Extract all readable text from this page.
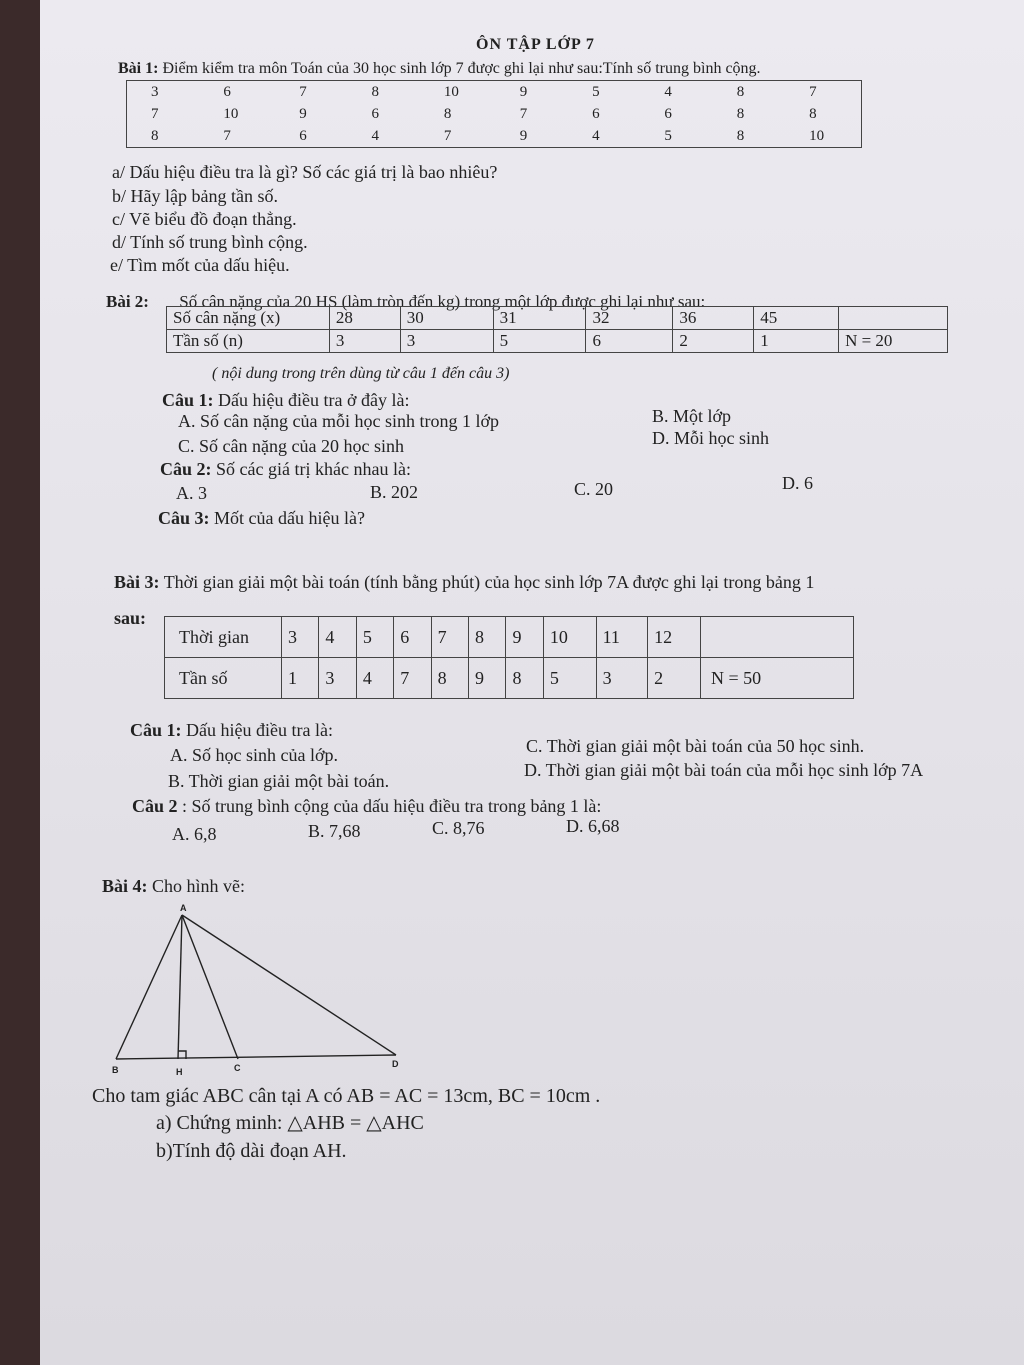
ÔN TẬP LỚP 7
Bài 1: Điểm kiểm tra môn Toán của 30 học sinh lớp 7 được ghi lại như sau:Tính số trung bình cộng.
3	6	7	8	10	9	5	4	8	7
7	10	9	6	8	7	6	6	8	8
8	7	6	4	7	9	4	5	8	10
a/ Dấu hiệu điều tra là gì? Số các giá trị là bao nhiêu?
b/ Hãy lập bảng tần số.
c/ Vẽ biểu đồ đoạn thẳng.
d/ Tính số trung bình cộng.
e/ Tìm mốt của dấu hiệu.
Bài 2: Số cân nặng của 20 HS (làm tròn đến kg) trong một lớp được ghi lại như sau:
Số cân nặng (x)	28	30	31	32	36	45	
Tần số (n)	3	3	5	6	2	1	N = 20
( nội dung trong trên dùng từ câu 1 đến câu 3)
Câu 1: Dấu hiệu điều tra ở đây là:
A. Số cân nặng của mỗi học sinh trong 1 lớp	B. Một lớp
C. Số cân nặng của 20 học sinh	D. Mỗi học sinh
Câu 2: Số các giá trị khác nhau là:
A. 3	B. 202	C. 20	D. 6
Câu 3: Mốt của dấu hiệu là?
Bài 3: Thời gian giải một bài toán (tính bằng phút) của học sinh lớp 7A được ghi lại trong bảng 1
sau:
Thời gian	3	4	5	6	7	8	9	10	11	12	
Tần số	1	3	4	7	8	9	8	5	3	2	N = 50
Câu 1: Dấu hiệu điều tra là:
A. Số học sinh của lớp.	C. Thời gian giải một bài toán của 50 học sinh.
B. Thời gian giải một bài toán.
D. Thời gian giải một bài toán của mỗi học sinh lớp 7A
Câu 2 : Số trung bình cộng của dấu hiệu điều tra trong bảng 1 là:
A. 6,8	B. 7,68	C. 8,76	D. 6,68
Bài 4: Cho hình vẽ:
A
B	H	C	D
Cho tam giác ABC cân tại A có AB = AC = 13cm, BC = 10cm .
a) Chứng minh: △AHB = △AHC
b)Tính độ dài đoạn AH.
